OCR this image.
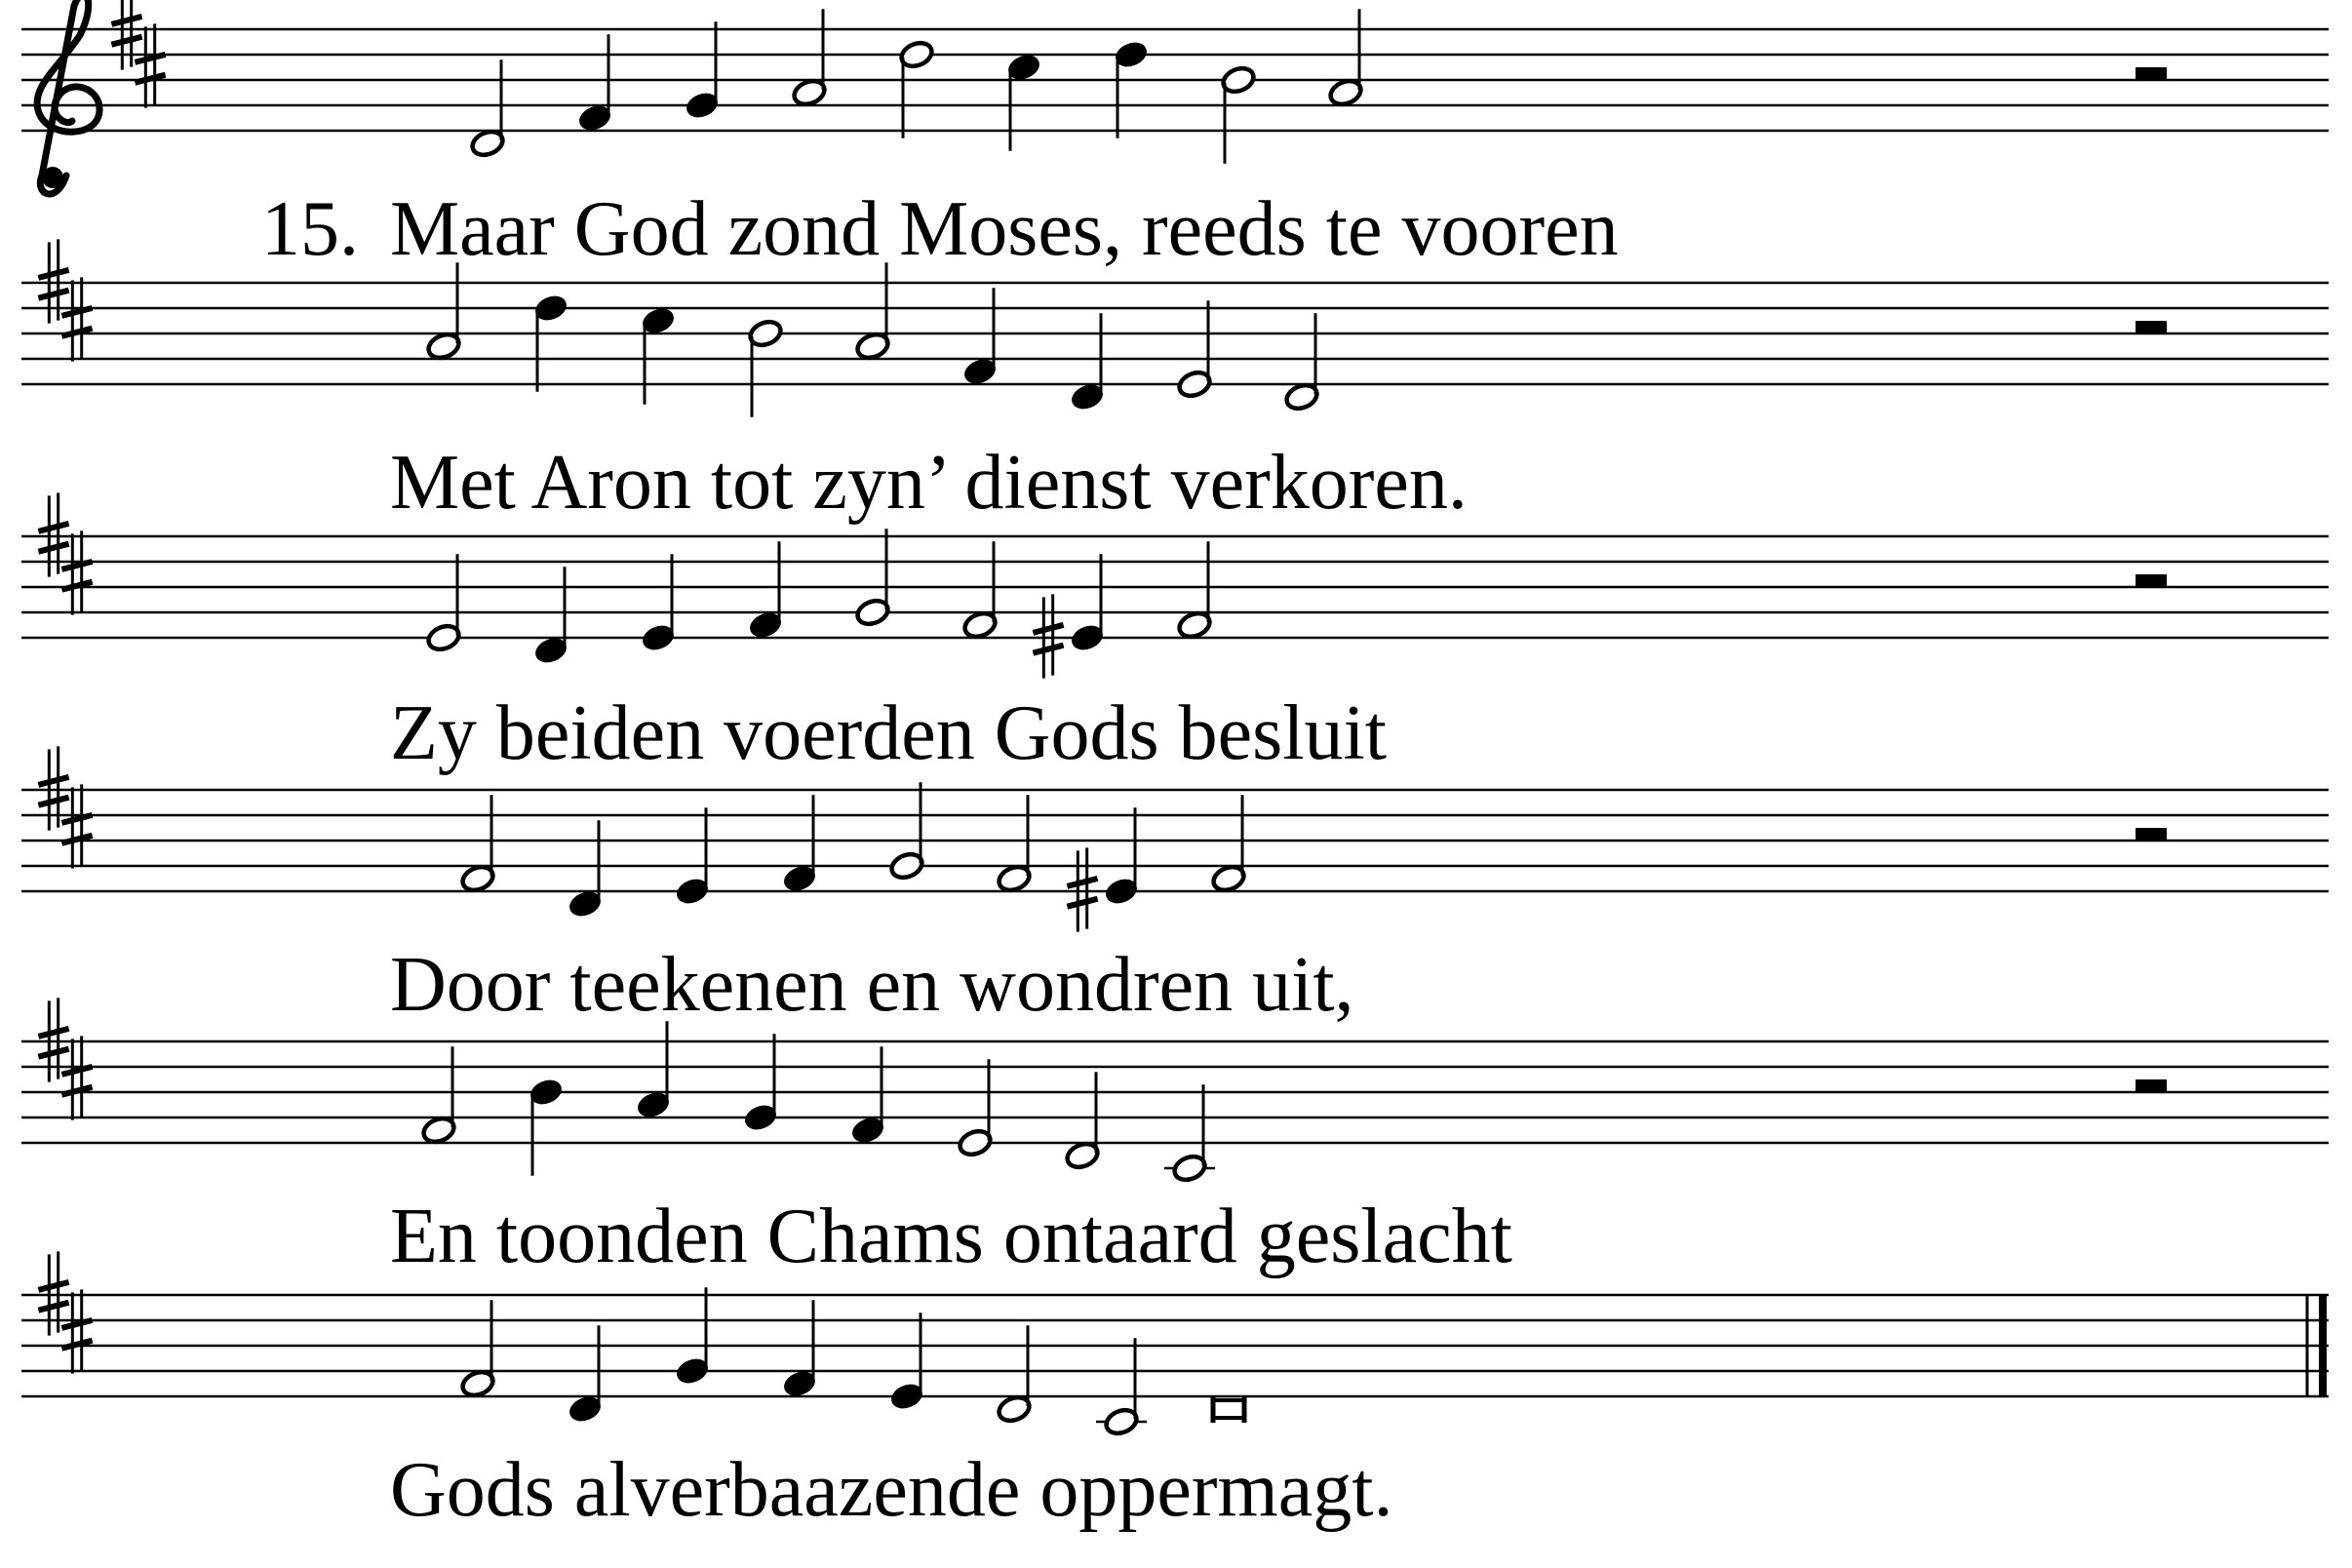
15. Maar God zond Moses, reeds te vooren
Met Aron tot zyn’ dienst verkoren.
Zy beiden voerden Gods besluit
Door teekenen en wondren uit,
En toonden Chams ontaard geslacht
Gods alverbaazende oppermagt.
